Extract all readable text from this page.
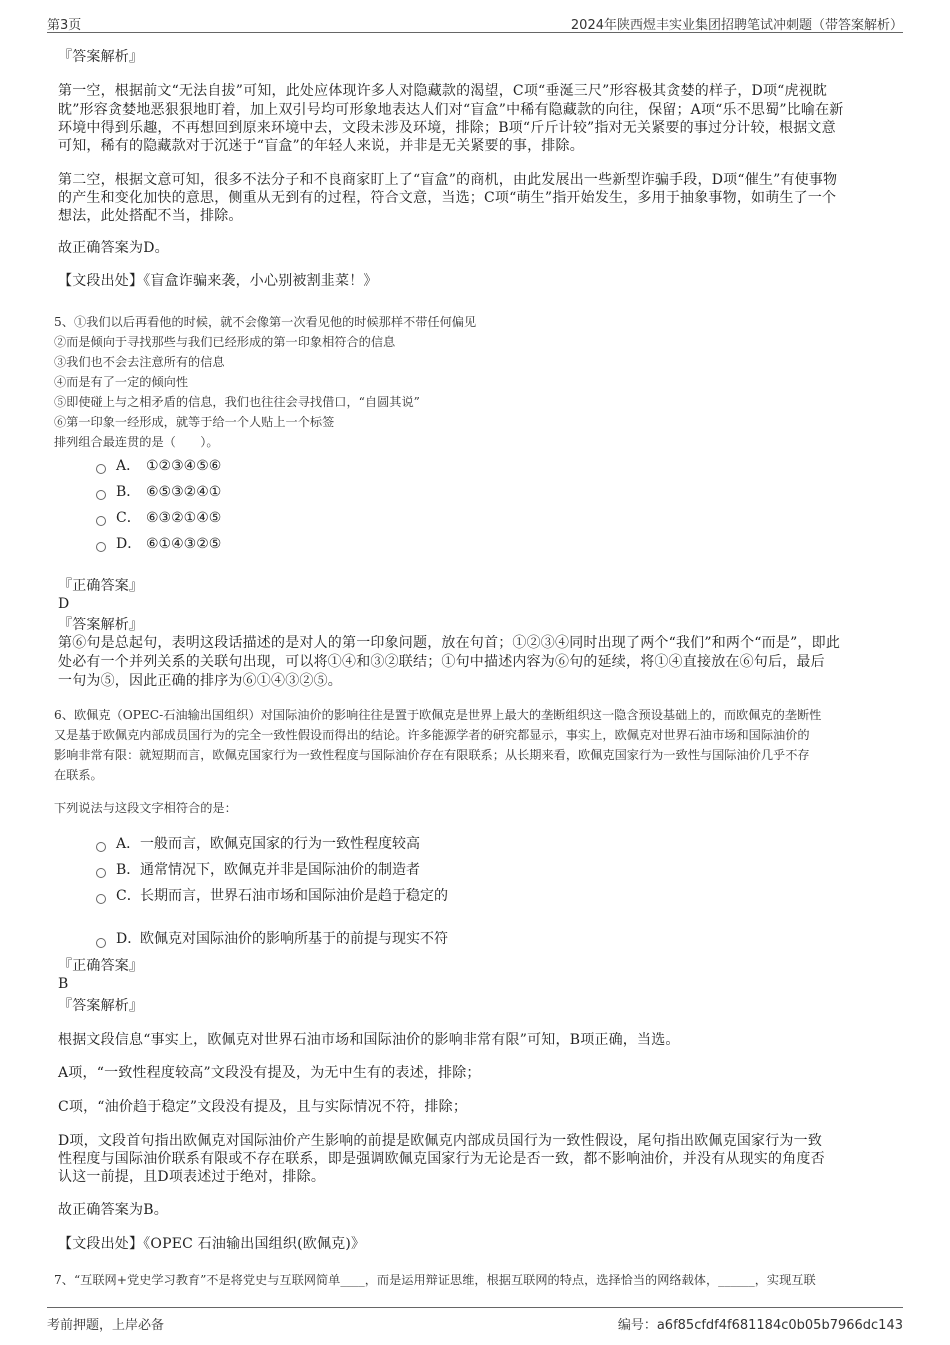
第3页	2024年陕西煜丰实业集团招聘笔试冲刺题（带答案解析）
『答案解析』
第一空，根据前文“无法自拔”可知，此处应体现许多人对隐藏款的渴望，C项“垂涎三尺”形容极其贪婪的样子，D项“虎视眈
眈”形容贪婪地恶狠狠地盯着，加上双引号均可形象地表达人们对“盲盒”中稀有隐藏款的向往，保留；A项“乐不思蜀”比喻在新
环境中得到乐趣，不再想回到原来环境中去，文段未涉及环境，排除；B项“斤斤计较”指对无关紧要的事过分计较，根据文意
可知，稀有的隐藏款对于沉迷于“盲盒”的年轻人来说，并非是无关紧要的事，排除。
第二空，根据文意可知，很多不法分子和不良商家盯上了“盲盒”的商机，由此发展出一些新型诈骗手段，D项“催生”有使事物
的产生和变化加快的意思，侧重从无到有的过程，符合文意，当选；C项“萌生”指开始发生，多用于抽象事物，如萌生了一个
想法，此处搭配不当，排除。
故正确答案为D。
【文段出处】《盲盒诈骗来袭，小心别被割韭菜！》
5、①我们以后再看他的时候，就不会像第一次看见他的时候那样不带任何偏见
②而是倾向于寻找那些与我们已经形成的第一印象相符合的信息
③我们也不会去注意所有的信息
④而是有了一定的倾向性
⑤即使碰上与之相矛盾的信息，我们也往往会寻找借口，“自圆其说”
⑥第一印象一经形成，就等于给一个人贴上一个标签
排列组合最连贯的是（　　）。
A． ①②③④⑤⑥
B． ⑥⑤③②④①
C． ⑥③②①④⑤
D． ⑥①④③②⑤
『正确答案』
D
『答案解析』
第⑥句是总起句，表明这段话描述的是对人的第一印象问题，放在句首；①②③④同时出现了两个“我们”和两个“而是”，即此
处必有一个并列关系的关联句出现，可以将①④和③②联结；①句中描述内容为⑥句的延续，将①④直接放在⑥句后，最后
一句为⑤，因此正确的排序为⑥①④③②⑤。
6、欧佩克（OPEC-石油输出国组织）对国际油价的影响往往是置于欧佩克是世界上最大的垄断组织这一隐含预设基础上的，而欧佩克的垄断性
又是基于欧佩克内部成员国行为的完全一致性假设而得出的结论。许多能源学者的研究都显示，事实上，欧佩克对世界石油市场和国际油价的
影响非常有限：就短期而言，欧佩克国家行为一致性程度与国际油价存在有限联系；从长期来看，欧佩克国家行为一致性与国际油价几乎不存
在联系。
下列说法与这段文字相符合的是：
A． 一般而言，欧佩克国家的行为一致性程度较高
B． 通常情况下，欧佩克并非是国际油价的制造者
C． 长期而言，世界石油市场和国际油价是趋于稳定的
D．
欧佩克对国际油价的影响所基于的前提与现实不符
『正确答案』
B
『答案解析』
根据文段信息“事实上，欧佩克对世界石油市场和国际油价的影响非常有限”可知，B项正确，当选。
A项，“一致性程度较高”文段没有提及，为无中生有的表述，排除；
C项，“油价趋于稳定”文段没有提及，且与实际情况不符，排除；
D项，文段首句指出欧佩克对国际油价产生影响的前提是欧佩克内部成员国行为一致性假设，尾句指出欧佩克国家行为一致
性程度与国际油价联系有限或不存在联系，即是强调欧佩克国家行为无论是否一致，都不影响油价，并没有从现实的角度否
认这一前提，且D项表述过于绝对，排除。
故正确答案为B。
【文段出处】《OPEC 石油输出国组织(欧佩克)》
7、“互联网+党史学习教育”不是将党史与互联网简单____，而是运用辩证思维，根据互联网的特点，选择恰当的网络载体，______，实现互联
考前押题，上岸必备	编号：a6f85cfdf4f681184c0b05b7966dc143
